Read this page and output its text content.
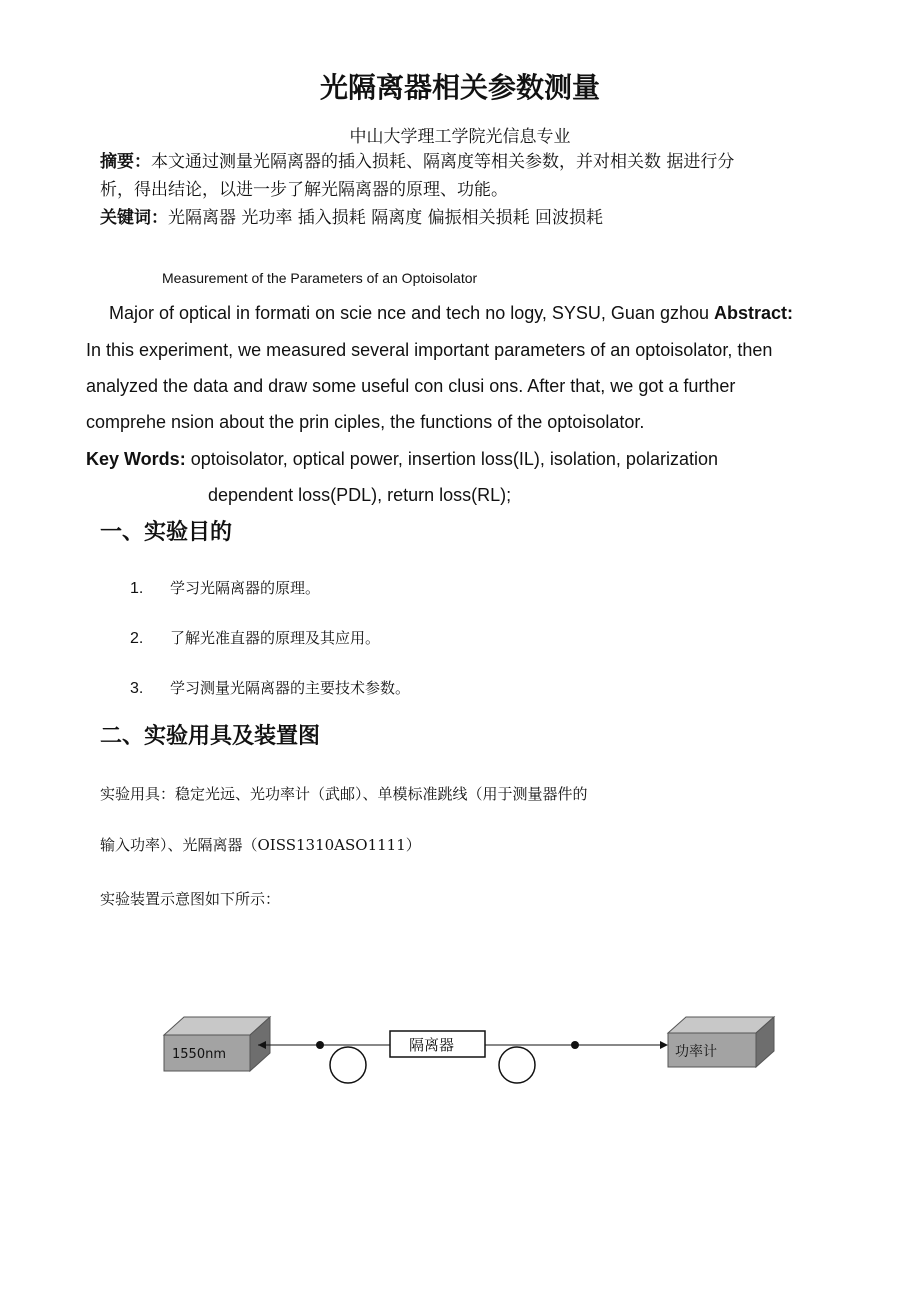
光隔离器相关参数测量
中山大学理工学院光信息专业
摘要：本文通过测量光隔离器的插入损耗、隔离度等相关参数，并对相关数 据进行分
析，得出结论，以进一步了解光隔离器的原理、功能。
关键词：光隔离器 光功率 插入损耗 隔离度 偏振相关损耗 回波损耗
Measurement of the Parameters of an Optoisolator
Major of optical in formati on scie nce and tech no logy, SYSU, Guan gzhou Abstract:
In this experiment, we measured several important parameters of an optoisolator, then
analyzed the data and draw some useful con clusi ons. After that, we got a further
comprehe nsion about the prin ciples, the functions of the optoisolator.
Key Words: optoisolator, optical power, insertion loss(IL), isolation, polarization
dependent loss(PDL), return loss(RL);
一、实验目的
1. 学习光隔离器的原理。
2. 了解光准直器的原理及其应用。
3. 学习测量光隔离器的主要技术参数。
二、实验用具及装置图
实验用具：稳定光远、光功率计（武邮）、单模标准跳线（用于测量器件的
输入功率）、光隔离器（OISS1310ASO1111）
实验装置示意图如下所示：
1550nm
隔离器	功率计
